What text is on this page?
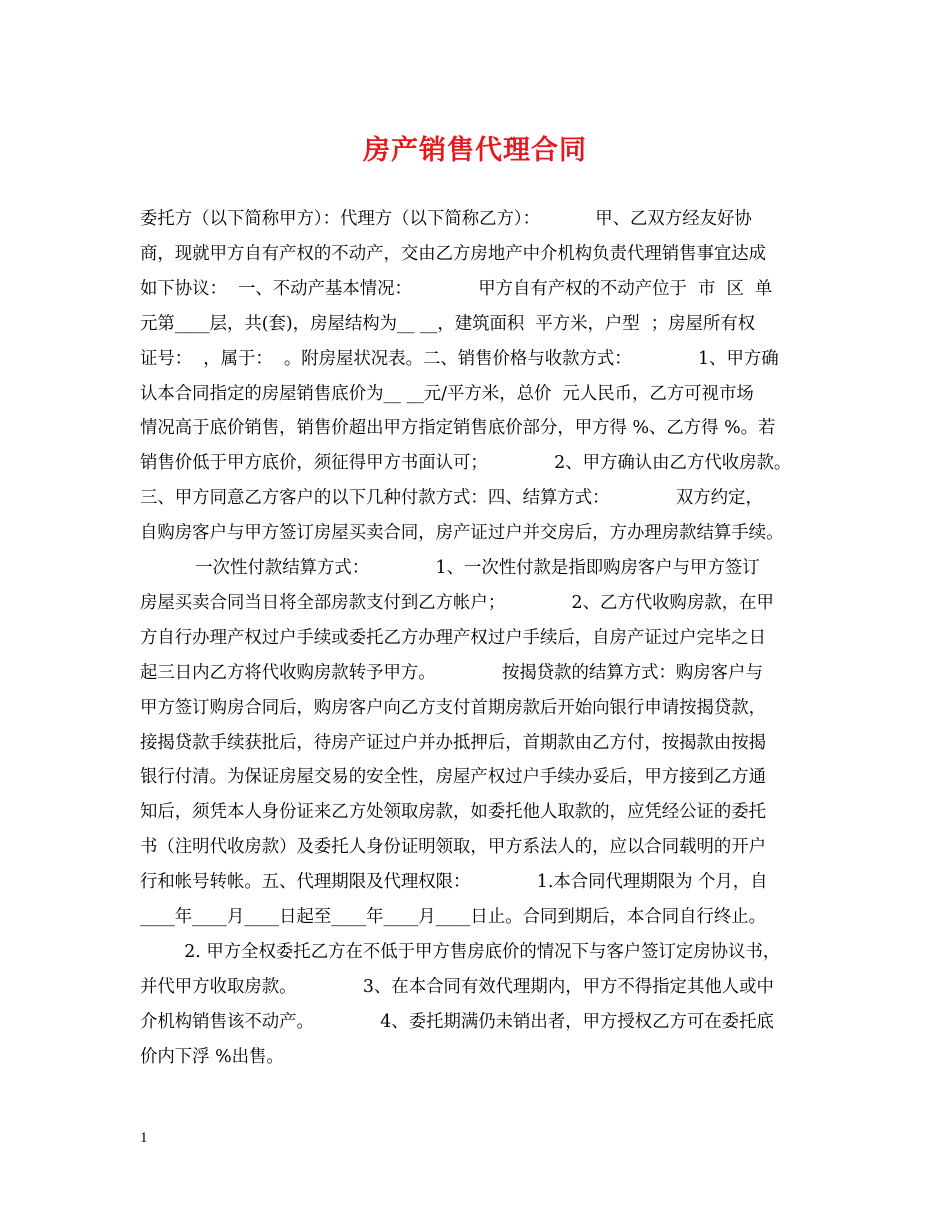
房产销售代理合同
委托方（以下简称甲方）：代理方（以下简称乙方）：          甲、乙双方经友好协
商，现就甲方自有产权的不动产，交由乙方房地产中介机构负责代理销售事宜达成
如下协议：  一、不动产基本情况：            甲方自有产权的不动产位于  市  区  单
元第____层，共(套)，房屋结构为__ __，建筑面积  平方米，户型  ；房屋所有权
证号：  ，属于：  。附房屋状况表。二、销售价格与收款方式：            1、甲方确
认本合同指定的房屋销售底价为__ __元/平方米，总价  元人民币，乙方可视市场
情况高于底价销售，销售价超出甲方指定销售底价部分，甲方得 %、乙方得 %。若
销售价低于甲方底价，须征得甲方书面认可；            2、甲方确认由乙方代收房款。
三、甲方同意乙方客户的以下几种付款方式：四、结算方式：            双方约定，
自购房客户与甲方签订房屋买卖合同，房产证过户并交房后，方办理房款结算手续。
一次性付款结算方式：            1、一次性付款是指即购房客户与甲方签订
房屋买卖合同当日将全部房款支付到乙方帐户；            2、乙方代收购房款，在甲
方自行办理产权过户手续或委托乙方办理产权过户手续后，自房产证过户完毕之日
起三日内乙方将代收购房款转予甲方。            按揭贷款的结算方式：购房客户与
甲方签订购房合同后，购房客户向乙方支付首期房款后开始向银行申请按揭贷款，
接揭贷款手续获批后，待房产证过户并办抵押后，首期款由乙方付，按揭款由按揭
银行付清。为保证房屋交易的安全性，房屋产权过户手续办妥后，甲方接到乙方通
知后，须凭本人身份证来乙方处领取房款，如委托他人取款的，应凭经公证的委托
书（注明代收房款）及委托人身份证明领取，甲方系法人的，应以合同载明的开户
行和帐号转帐。五、代理期限及代理权限：            1.本合同代理期限为 个月，自
____年____月____日起至____年____月____日止。合同到期后，本合同自行终止。
2. 甲方全权委托乙方在不低于甲方售房底价的情况下与客户签订定房协议书，
并代甲方收取房款。            3、在本合同有效代理期内，甲方不得指定其他人或中
介机构销售该不动产。            4、委托期满仍未销出者，甲方授权乙方可在委托底
价内下浮 %出售。
1
